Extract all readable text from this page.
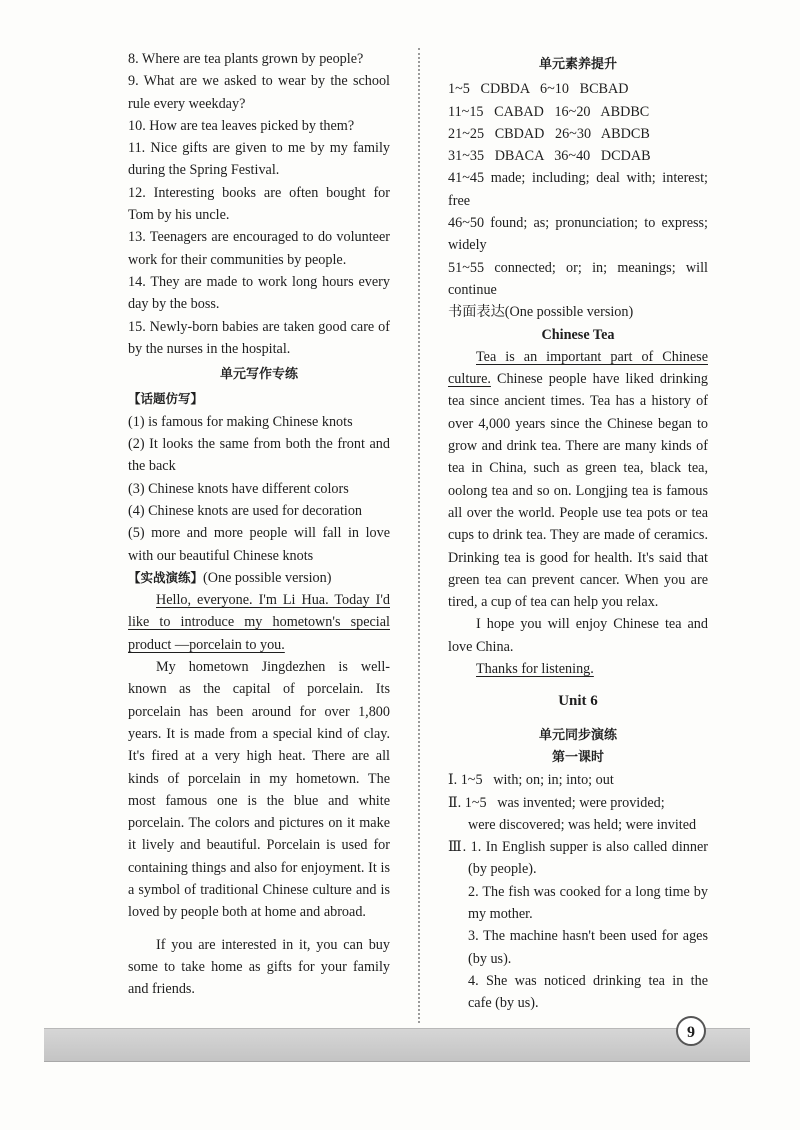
8. Where are tea plants grown by people?

9. What are we asked to wear by the school rule every weekday?

10. How are tea leaves picked by them?

11. Nice gifts are given to me by my family during the Spring Festival.

12. Interesting books are often bought for Tom by his uncle.

13. Teenagers are encouraged to do volunteer work for their communities by people.

14. They are made to work long hours every day by the boss.

15. Newly-born babies are taken good care of by the nurses in the hospital.

单元写作专练

【话题仿写】

(1) is famous for making Chinese knots

(2) It looks the same from both the front and the back

(3) Chinese knots have different colors

(4) Chinese knots are used for decoration

(5) more and more people will fall in love with our beautiful Chinese knots

【实战演练】(One possible version)

Hello, everyone. I'm Li Hua. Today I'd like to introduce my hometown's special product —porcelain to you.

My hometown Jingdezhen is well-known as the capital of porcelain. Its porcelain has been around for over 1,800 years. It is made from a special kind of clay. It's fired at a very high heat. There are all kinds of porcelain in my hometown. The most famous one is the blue and white porcelain. The colors and pictures on it make it lively and beautiful. Porcelain is used for containing things and also for enjoyment. It is a symbol of traditional Chinese culture and is loved by people both at home and abroad.

If you are interested in it, you can buy some to take home as gifts for your family and friends.

单元素养提升

1~5   CDBDA   6~10   BCBAD

11~15   CABAD   16~20   ABDBC

21~25   CBDAD   26~30   ABDCB

31~35   DBACA   36~40   DCDAB

41~45 made; including; deal with; interest; free

46~50 found; as; pronunciation; to express; widely

51~55 connected; or; in; meanings; will continue

书面表达(One possible version)

Chinese Tea

Tea is an important part of Chinese culture. Chinese people have liked drinking tea since ancient times. Tea has a history of over 4,000 years since the Chinese began to grow and drink tea. There are many kinds of tea in China, such as green tea, black tea, oolong tea and so on. Longjing tea is famous all over the world. People use tea pots or tea cups to drink tea. They are made of ceramics. Drinking tea is good for health. It's said that green tea can prevent cancer. When you are tired, a cup of tea can help you relax.

I hope you will enjoy Chinese tea and love China.

Thanks for listening.

Unit 6

单元同步演练

第一课时

Ⅰ. 1~5   with; on; in; into; out

Ⅱ. 1~5   was invented; were provided;

were discovered; was held; were invited

Ⅲ. 1. In English supper is also called dinner (by people).

2. The fish was cooked for a long time by my mother.

3. The machine hasn't been used for ages (by us).

4. She was noticed drinking tea in the cafe (by us).

9
